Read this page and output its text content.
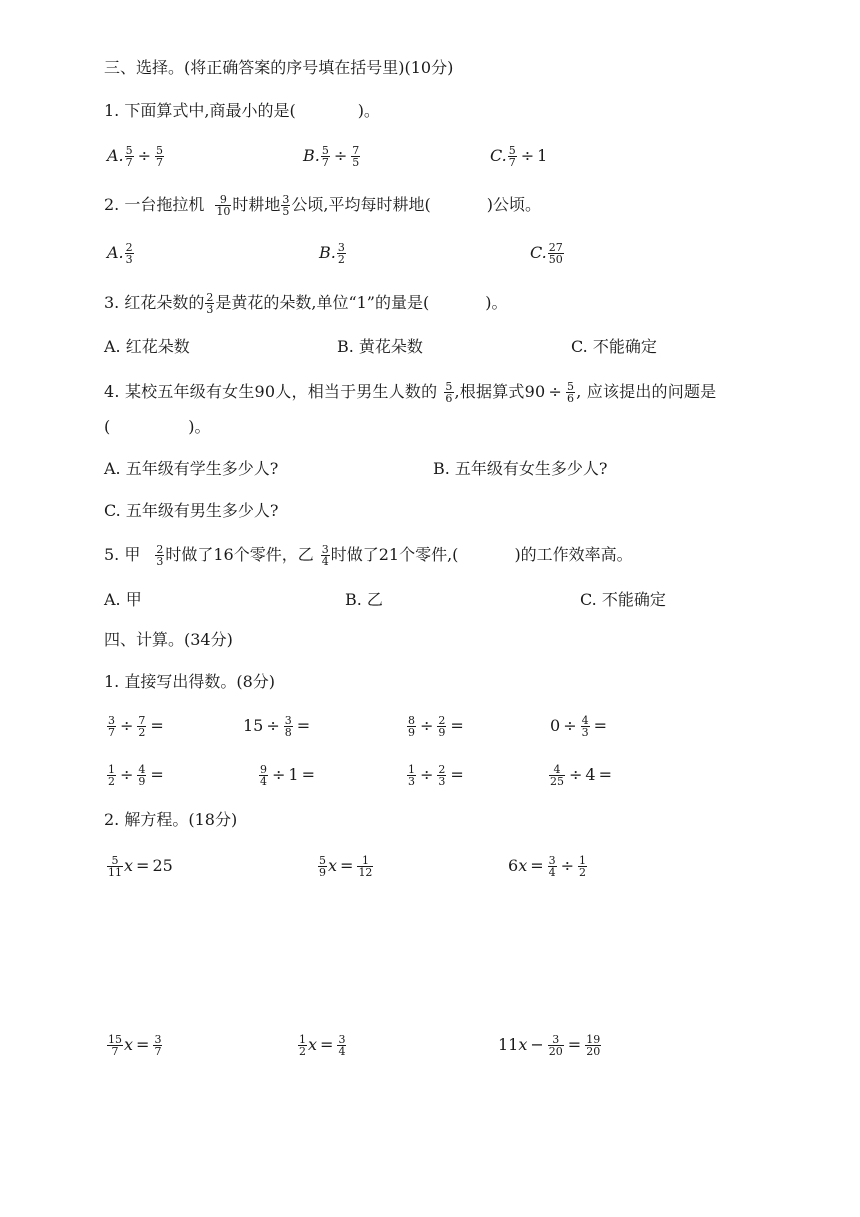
三、选择。(将正确答案的序号填在括号里)(10分)
1. 下面算式中,商最小的是(	)。
A. $\frac{5}{7} \div \frac{5}{7}$	B. $\frac{5}{7} \div \frac{7}{5}$	C. $\frac{5}{7} \div 1$
2. 一台拖拉机 $\frac{9}{10}$ 时耕地 $\frac{3}{5}$ 公顷,平均每时耕地(	)公顷。
A. $\frac{2}{3}$	B. $\frac{3}{2}$	C. $\frac{27}{50}$
3. 红花朵数的 $\frac{2}{3}$ 是黄花的朵数,单位“1”的量是(	)。
A. 红花朵数	B. 黄花朵数	C. 不能确定
4. 某校五年级有女生90人，相当于男生人数的 $\frac{5}{6}$ ,根据算式$90 \div \frac{5}{6}$ , 应该提出的问题是
(	)。
A. 五年级有学生多少人?	B. 五年级有女生多少人?
C. 五年级有男生多少人?
5. 甲 $\frac{2}{3}$ 时做了16个零件，乙 $\frac{3}{4}$ 时做了21个零件,(	)的工作效率高。
A. 甲	B. 乙	C. 不能确定
四、计算。(34分)
1. 直接写出得数。(8分)
$\frac{3}{7} \div \frac{7}{2}$ =	$15 \div \frac{3}{8}$ =	$\frac{8}{9} \div \frac{2}{9}$ =	$0 \div \frac{4}{3}$ =
$\frac{1}{2} \div \frac{4}{9}$ =	$\frac{9}{4} \div 1$ =	$\frac{1}{3} \div \frac{2}{3}$ =	$\frac{4}{25} \div 4$ =
2. 解方程。(18分)
$\frac{5}{11}$ x = 25	$\frac{5}{9}$ $x = \frac{1}{12}$	$6x = \frac{3}{4} \div \frac{1}{2}$
$\frac{15}{7}$ $x = \frac{3}{7}$	$\frac{1}{2}$ $x = \frac{3}{4}$	$11x - \frac{3}{20} = \frac{19}{20}$
